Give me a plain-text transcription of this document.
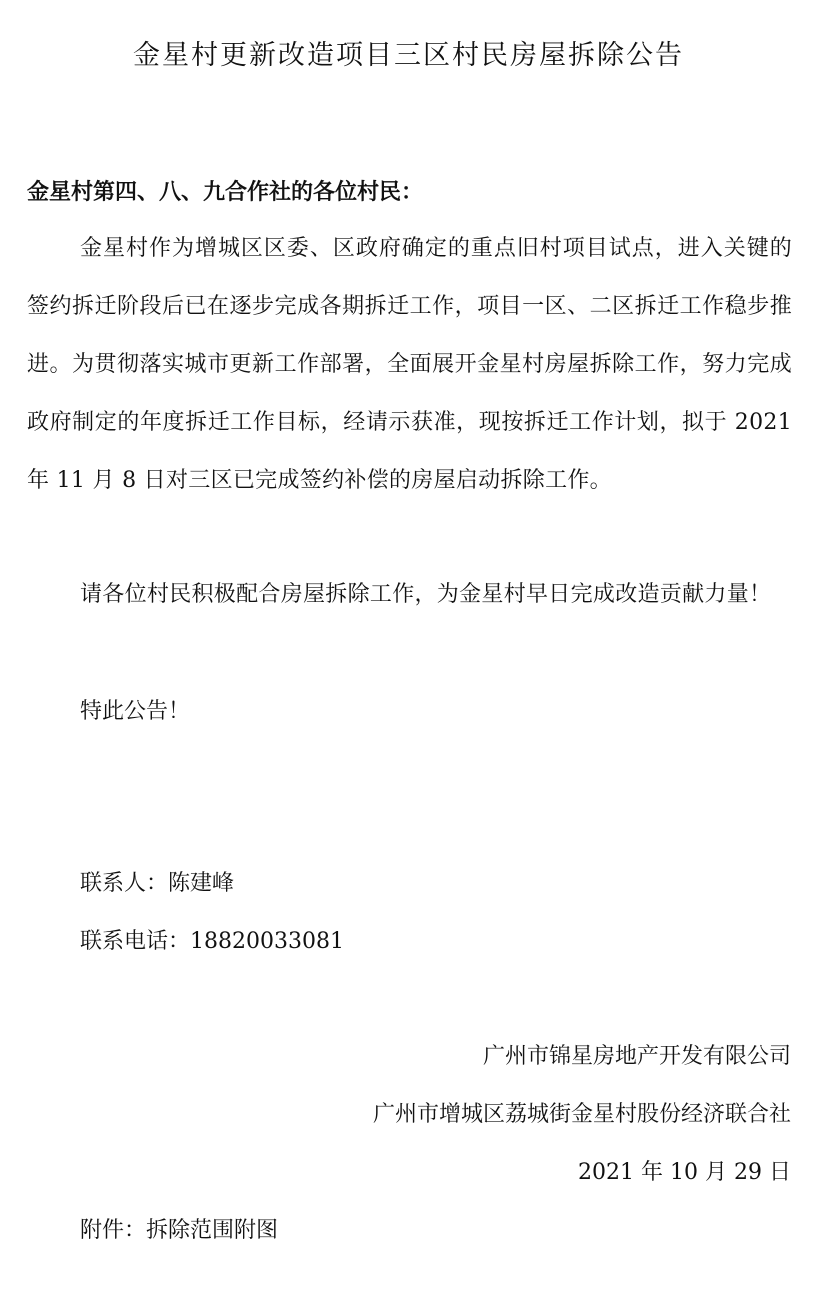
金星村更新改造项目三区村民房屋拆除公告
金星村第四、八、九合作社的各位村民：

金星村作为增城区区委、区政府确定的重点旧村项目试点，进入关键的签约拆迁阶段后已在逐步完成各期拆迁工作，项目一区、二区拆迁工作稳步推进。为贯彻落实城市更新工作部署，全面展开金星村房屋拆除工作，努力完成政府制定的年度拆迁工作目标，经请示获准，现按拆迁工作计划，拟于 2021 年 11 月 8 日对三区已完成签约补偿的房屋启动拆除工作。

请各位村民积极配合房屋拆除工作，为金星村早日完成改造贡献力量！

特此公告！
联系人：陈建峰
联系电话：18820033081
广州市锦星房地产开发有限公司
广州市增城区荔城街金星村股份经济联合社
2021 年 10 月 29 日
附件：拆除范围附图
